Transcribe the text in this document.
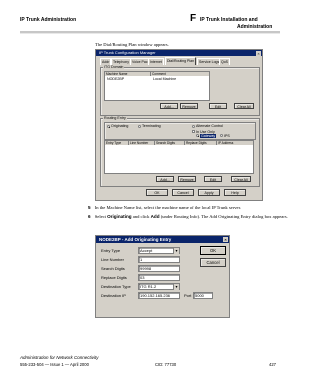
IP Trunk Administration	F IP Trunk Installation and
Administration
The Dial/Routing Plan window appears.
IP Trunk Configuration Manager	×
Addr	Telephony Voice Pac Internet	Dial/Routing Plan	Service Logs QoS
ITG Domain
Machine Name	Comment
NODE2BP	Local Machine
Add...	Remove	Edit	Clear All
Routing Entry
Originating	Terminating	Alternate Control
In Use Only
Gateway IPS
Entry Type	Line Number	Search Digits	Replace Digits	IP Address
Add...	Remove	Edit	Clear All
OK	Cancel	Apply	Help
5 In the Machine Name list, select the machine name of the local IP Trunk server.
6 Select Originating and click Add (under Routing Info). The Add Originating Entry dialog box appears.
NODE2BP - Add Originating Entry	×
Entry Type	Accept ▾
Line Number	1
Search Digits	99998
Replace Digits	03
Destination Type	ITG R1.2 ▾
Destination IP	190.152.165.236	Port 5000
OK
Cancel
Administration for Network Connectivity
555-233-504 — Issue 1 — April 2000	CID: 77730	427
